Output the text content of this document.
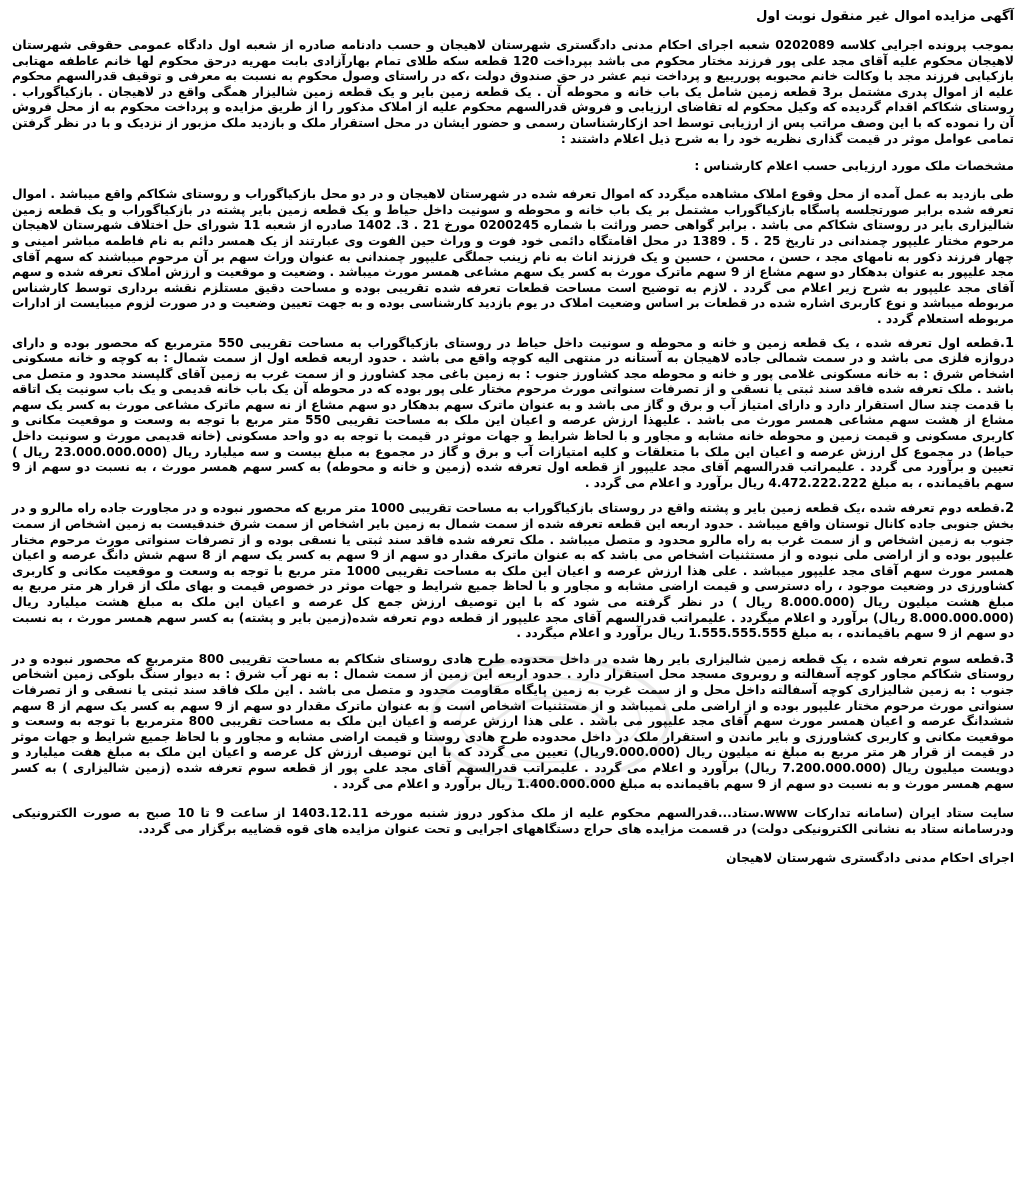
آگهی مزایده اموال غیر منقول نوبت اول

بموجب پرونده اجرایی کلاسه 0202089 شعبه اجرای احکام مدنی دادگستری شهرستان لاهیجان و حسب دادنامه صادره از شعبه اول دادگاه عمومی حقوقی شهرستان لاهیجان محکوم علیه آقای مجد علی پور فرزند مختار محکوم می باشد بپرداخت 120 قطعه سکه طلای تمام بهارآزادی بابت مهریه درحق محکوم لها خانم عاطفه مهتابی بازکیایی فرزند مجد با وکالت خانم محبوبه پوررییع و پرداخت نیم عشر در حق صندوق دولت ،که در راستای وصول محکوم به نسبت به معرفی و توقیف قدرالسهم محکوم علیه از اموال پدری مشتمل بر3 قطعه زمین شامل یک باب خانه و محوطه آن . یک قطعه زمین بایر و یک قطعه زمین شالیزار همگی واقع در لاهیجان . بازکیاگوراب . روستای شکاکم اقدام گردیده که وکیل محکوم له تقاضای ارزیابی و فروش قدرالسهم محکوم علیه از املاک مذکور را از طریق مزایده و پرداخت محکوم به از محل فروش آن را نموده که با این وصف مراتب پس از ارزیابی توسط احد ازکارشناسان رسمی و حضور ایشان در محل استقرار ملک و بازدید ملک مزبور از نزدیک و با در نظر گرفتن تمامی عوامل موثر در قیمت گذاری نظریه خود را به شرح ذیل اعلام داشتند :

مشخصات ملک مورد ارزیابی حسب اعلام کارشناس :

طی بازدید به عمل آمده از محل وقوع املاک مشاهده میگردد که اموال تعرفه شده در شهرستان لاهیجان و در دو محل بازکیاگوراب و روستای شکاکم واقع میباشد . اموال تعرفه شده برابر صورتجلسه پاسگاه بازکیاگوراب مشتمل بر یک باب خانه و محوطه و سونیت داخل حیاط و یک قطعه زمین بایر پشته در بازکیاگوراب و یک قطعه زمین شالیزاری بایر در روستای شکاکم می باشد . برابر گواهی حصر وراثت با شماره 0200245 مورخ 21 . 3. 1402 صادره از شعبه 11 شورای حل اختلاف شهرستان لاهیجان مرحوم مختار علیپور چمندانی در تاریخ 25 . 5 . 1389 در محل اقامتگاه دائمی خود فوت و وراث حین الفوت وی عبارتند از یک همسر دائم به نام فاطمه مباشر امینی و چهار فرزند ذکور به نامهای مجد ، حسن ، محسن ، حسین و یک فرزند اناث به نام زینب جملگی علیپور چمندانی به عنوان وراث سهم بر آن مرحوم میباشند که سهم آقای مجد علیپور به عنوان بدهکار دو سهم مشاع از 9 سهم ماترک مورث به کسر یک سهم مشاعی همسر مورث میباشد . وضعیت و موقعیت و ارزش املاک تعرفه شده و سهم آقای مجد علیپور به شرح زیر اعلام می گردد . لازم به توضیح است مساحت قطعات تعرفه شده تقریبی بوده و مساحت دقیق مستلزم نقشه برداری توسط کارشناس مربوطه میباشد و نوع کاربری اشاره شده در قطعات بر اساس وضعیت املاک در یوم بازدید کارشناسی بوده و به جهت تعیین وضعیت و در صورت لزوم میبایست از ادارات مربوطه استعلام گردد .

1.قطعه اول تعرفه شده ، یک قطعه زمین و خانه و محوطه و سونیت داخل حیاط در روستای بازکیاگوراب به مساحت تقریبی 550 مترمربع که محصور بوده و دارای دروازه فلزی می باشد و در سمت شمالی جاده لاهیجان به آستانه در منتهی الیه کوچه واقع می باشد . حدود اربعه قطعه اول از سمت شمال : به کوچه و خانه مسکونی اشخاص شرق : به خانه مسکونی غلامی پور و خانه و محوطه مجد کشاورز جنوب : به زمین باغی مجد کشاورز و از سمت غرب به زمین آقای گلپسند محدود و متصل می باشد . ملک تعرفه شده فاقد سند ثبتی یا نسقی و از تصرفات سنواتی مورث مرحوم مختار علی پور بوده که در محوطه آن یک باب خانه قدیمی و یک باب سونیت یک اتاقه با قدمت چند سال استقرار دارد و دارای امتیاز آب و برق و گاز می باشد و به عنوان ماترک سهم بدهکار دو سهم مشاع از نه سهم ماترک مشاعی مورث به کسر یک سهم مشاع از هشت سهم مشاعی همسر مورث می باشد . علیهذا ارزش عرصه و اعیان این ملک به مساحت تقریبی 550 متر مربع با توجه به وسعت و موقعیت مکانی و کاربری مسکونی و قیمت زمین و محوطه خانه مشابه و مجاور و با لحاظ شرایط و جهات موثر در قیمت با توجه به دو واحد مسکونی (خانه قدیمی مورث و سونیت داخل حیاط) در مجموع کل ارزش عرصه و اعیان این ملک با متعلقات و کلیه امتیازات آب و برق و گاز در مجموع به مبلغ بیست و سه میلیارد ریال (23.000.000.000 ریال ) تعیین و برآورد می گردد . علیمراتب قدرالسهم آقای مجد علیپور از قطعه اول تعرفه شده (زمین و خانه و محوطه) به کسر سهم همسر مورث ، به نسبت دو سهم از 9 سهم باقیمانده ، به مبلغ 4.472.222.222 ریال برآورد و اعلام می گردد .

2.قطعه دوم تعرفه شده ،یک قطعه زمین بایر و پشته واقع در روستای بازکیاگوراب به مساحت تقریبی 1000 متر مربع که محصور نبوده و در مجاورت جاده راه مالرو و در بخش جنوبی جاده کانال توستان واقع میباشد . حدود اربعه این قطعه تعرفه شده از سمت شمال به زمین بایر اشخاص از سمت شرق خندقیست به زمین اشخاص از سمت جنوب به زمین اشخاص و از سمت غرب به راه مالرو محدود و متصل میباشد . ملک تعرفه شده فاقد سند ثبتی یا نسقی بوده و از تصرفات سنواتی مورث مرحوم مختار علیپور بوده و از اراضی ملی نبوده و از مستثنیات اشخاص می باشد که به عنوان ماترک مقدار دو سهم از 9 سهم به کسر یک سهم از 8 سهم شش دانگ عرصه و اعیان همسر مورث سهم آقای مجد علیپور میباشد . علی هذا ارزش عرصه و اعیان این ملک به مساحت تقریبی 1000 متر مربع با توجه به وسعت و موقعیت مکانی و کاربری کشاورزی در وضعیت موجود ، راه دسترسی و قیمت اراضی مشابه و مجاور و با لحاظ جمیع شرایط و جهات موثر در خصوص قیمت و بهای ملک از قرار هر متر مربع به مبلغ هشت میلیون ریال (8.000.000 ریال ) در نظر گرفته می شود که با این توصیف ارزش جمع کل عرصه و اعیان این ملک به مبلغ هشت میلیارد ریال (8.000.000.000 ریال) برآورد و اعلام میگردد . علیمراتب قدرالسهم آقای مجد علیپور از قطعه دوم تعرفه شده(زمین بایر و پشته) به کسر سهم همسر مورث ، به نسبت دو سهم از 9 سهم باقیمانده ، به مبلغ 1.555.555.555 ریال برآورد و اعلام میگردد .

3.قطعه سوم تعرفه شده ، یک قطعه زمین شالیزاری بایر رها شده در داخل محدوده طرح هادی روستای شکاکم به مساحت تقریبی 800 مترمربع که محصور نبوده و در روستای شکاکم مجاور کوچه آسفالته و روبروی مسجد محل استقرار دارد . حدود اربعه این زمین از سمت شمال : به نهر آب شرق : به دیوار سنگ بلوکی زمین اشخاص جنوب : به زمین شالیزاری کوچه آسفالته داخل محل و از سمت غرب به زمین پایگاه مقاومت محدود و متصل می باشد . این ملک فاقد سند ثبتی یا نسقی و از تصرفات سنواتی مورث مرحوم مختار علیپور بوده و از اراضی ملی نمیباشد و از مستثنیات اشخاص است و به عنوان ماترک مقدار دو سهم از 9 سهم به کسر یک سهم از 8 سهم ششدانگ عرصه و اعیان همسر مورث سهم آقای مجد علیپور می باشد . علی هذا ارزش عرصه و اعیان این ملک به مساحت تقریبی 800 مترمربع با توجه به وسعت و موقعیت مکانی و کاربری کشاورزی و بایر ماندن و استقرار ملک در داخل محدوده طرح هادی روستا و قیمت اراضی مشابه و مجاور و با لحاظ جمیع شرایط و جهات موثر در قیمت از قرار هر متر مربع به مبلغ نه میلیون ریال (9.000.000ریال) تعیین می گردد که با این توصیف ارزش کل عرصه و اعیان این ملک به مبلغ هفت میلیارد و دویست میلیون ریال (7.200.000.000 ریال) برآورد و اعلام می گردد . علیمراتب قدرالسهم آقای مجد علی پور از قطعه سوم تعرفه شده (زمین شالیزاری ) به کسر سهم همسر مورث و به نسبت دو سهم از 9 سهم باقیمانده به مبلغ 1.400.000.000 ریال برآورد و اعلام می گردد .

سایت ستاد ایران (سامانه تدارکات www.ستاد...قدرالسهم محکوم علیه از ملک مذکور دروز شنبه مورخه 1403.12.11 از ساعت 9 تا 10 صبح به صورت الکترونیکی ودرسامانه ستاد به نشانی الکترونیکی دولت) در قسمت مزایده های حراج دستگاههای اجرایی و تحت عنوان مزایده های قوه قضاییه برگزار می گردد.

اجرای احکام مدنی دادگستری شهرستان لاهیجان
